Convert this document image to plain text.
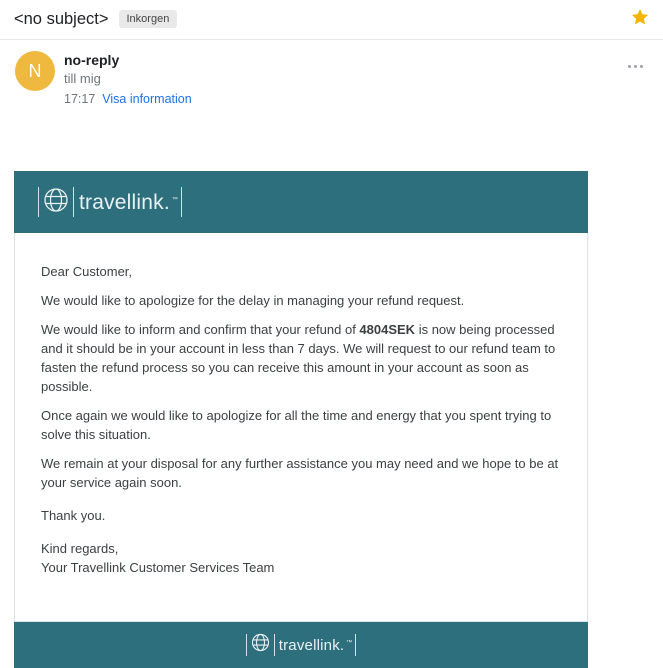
<no subject>	Inkorgen
N
no-reply
till mig
17:17 Visa information
travellink. ™

Dear Customer,

We would like to apologize for the delay in managing your refund request.

We would like to inform and confirm that your refund of 4804SEK is now being processed and it should be in your account in less than 7 days. We will request to our refund team to fasten the refund process so you can receive this amount in your account as soon as possible.

Once again we would like to apologize for all the time and energy that you spent trying to solve this situation.

We remain at your disposal for any further assistance you may need and we hope to be at your service again soon.

Thank you.

Kind regards,
Your Travellink Customer Services Team

travellink. ™
